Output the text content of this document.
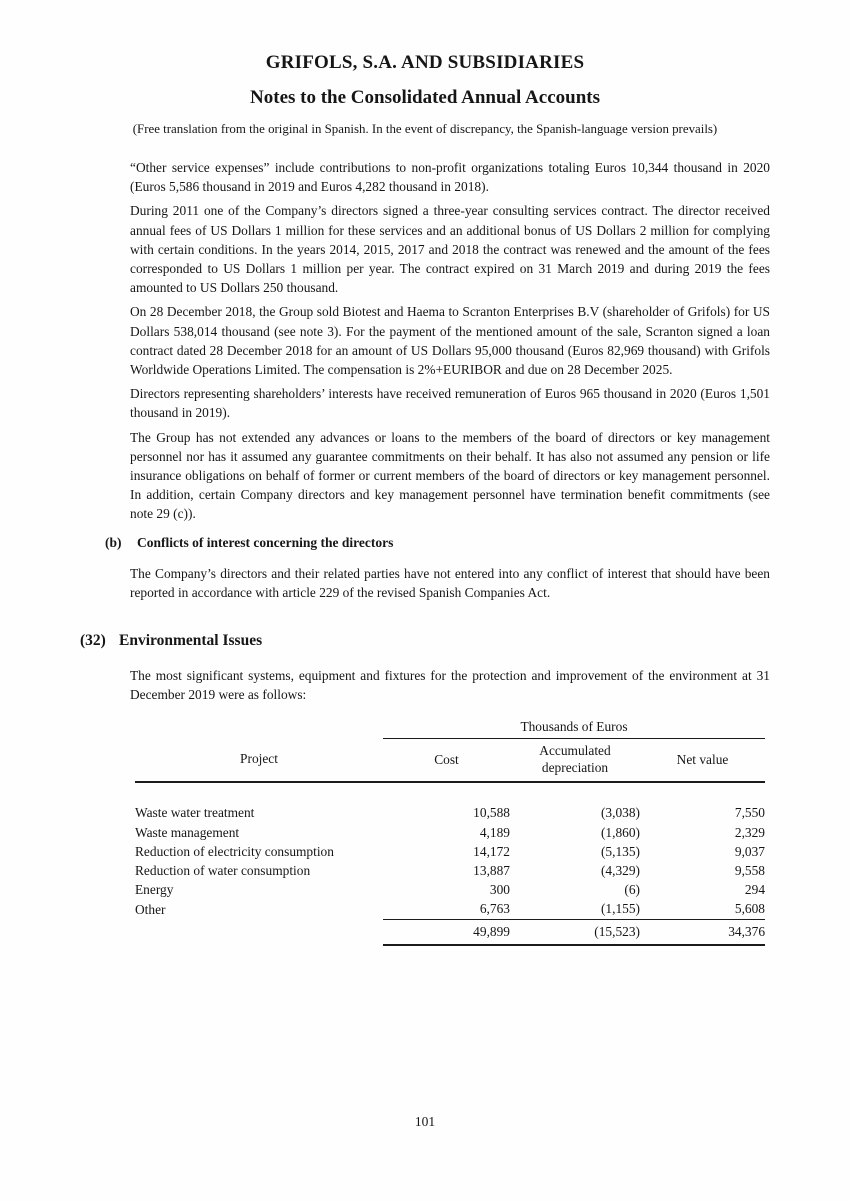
GRIFOLS, S.A. AND SUBSIDIARIES
Notes to the Consolidated Annual Accounts
(Free translation from the original in Spanish. In the event of discrepancy, the Spanish-language version prevails)

“Other service expenses” include contributions to non-profit organizations totaling Euros 10,344 thousand in 2020 (Euros 5,586 thousand in 2019 and Euros 4,282 thousand in 2018).

During 2011 one of the Company’s directors signed a three-year consulting services contract. The director received annual fees of US Dollars 1 million for these services and an additional bonus of US Dollars 2 million for complying with certain conditions. In the years 2014, 2015, 2017 and 2018 the contract was renewed and the amount of the fees corresponded to US Dollars 1 million per year. The contract expired on 31 March 2019 and during 2019 the fees amounted to US Dollars 250 thousand.

On 28 December 2018, the Group sold Biotest and Haema to Scranton Enterprises B.V (shareholder of Grifols) for US Dollars 538,014 thousand (see note 3). For the payment of the mentioned amount of the sale, Scranton signed a loan contract dated 28 December 2018 for an amount of US Dollars 95,000 thousand (Euros 82,969 thousand) with Grifols Worldwide Operations Limited. The compensation is 2%+EURIBOR and due on 28 December 2025.

Directors representing shareholders’ interests have received remuneration of Euros 965 thousand in 2020 (Euros 1,501 thousand in 2019).

The Group has not extended any advances or loans to the members of the board of directors or key management personnel nor has it assumed any guarantee commitments on their behalf. It has also not assumed any pension or life insurance obligations on behalf of former or current members of the board of directors or key management personnel. In addition, certain Company directors and key management personnel have termination benefit commitments (see note 29 (c)).

(b)	Conflicts of interest concerning the directors

The Company’s directors and their related parties have not entered into any conflict of interest that should have been reported in accordance with article 229 of the revised Spanish Companies Act.

(32) Environmental Issues

The most significant systems, equipment and fixtures for the protection and improvement of the environment at 31 December 2019 were as follows:

	Thousands of Euros		
Project	Cost	Accumulated depreciation	Net value

Waste water treatment	10,588	(3,038)	7,550
Waste management	4,189	(1,860)	2,329
Reduction of electricity consumption	14,172	(5,135)	9,037
Reduction of water consumption	13,887	(4,329)	9,558
Energy	300	(6)	294
Other	6,763	(1,155)	5,608
	49,899	(15,523)	34,376
101
